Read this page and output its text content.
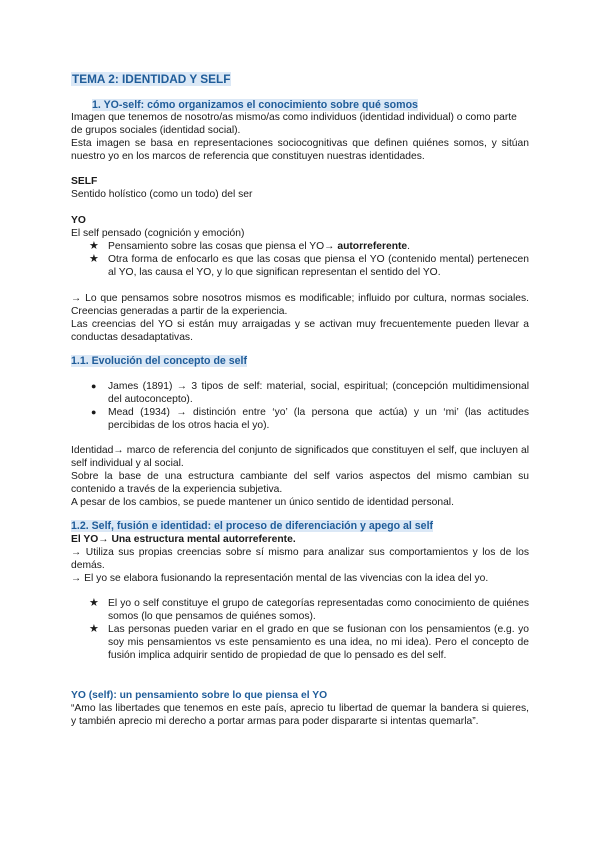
TEMA 2: IDENTIDAD Y SELF
1. YO-self: cómo organizamos el conocimiento sobre qué somos
Imagen que tenemos de nosotro/as mismo/as como individuos (identidad individual) o como parte de grupos sociales (identidad social).
Esta imagen se basa en representaciones sociocognitivas que definen quiénes somos, y sitúan nuestro yo en los marcos de referencia que constituyen nuestras identidades.
SELF
Sentido holístico (como un todo) del ser
YO
El self pensado (cognición y emoción)
★ Pensamiento sobre las cosas que piensa el YO→ autorreferente.
★ Otra forma de enfocarlo es que las cosas que piensa el YO (contenido mental) pertenecen al YO, las causa el YO, y lo que significan representan el sentido del YO.
→ Lo que pensamos sobre nosotros mismos es modificable; influido por cultura, normas sociales. Creencias generadas a partir de la experiencia.
Las creencias del YO si están muy arraigadas y se activan muy frecuentemente pueden llevar a conductas desadaptativas.
1.1. Evolución del concepto de self
● James (1891) → 3 tipos de self: material, social, espiritual; (concepción multidimensional del autoconcepto).
● Mead (1934) → distinción entre ‘yo’ (la persona que actúa) y un ‘mi’ (las actitudes percibidas de los otros hacia el yo).
Identidad→ marco de referencia del conjunto de significados que constituyen el self, que incluyen al self individual y al social.
Sobre la base de una estructura cambiante del self varios aspectos del mismo cambian su contenido a través de la experiencia subjetiva.
A pesar de los cambios, se puede mantener un único sentido de identidad personal.
1.2. Self, fusión e identidad: el proceso de diferenciación y apego al self
El YO→ Una estructura mental autorreferente.
→ Utiliza sus propias creencias sobre sí mismo para analizar sus comportamientos y los de los demás.
→ El yo se elabora fusionando la representación mental de las vivencias con la idea del yo.
★ El yo o self constituye el grupo de categorías representadas como conocimiento de quiénes somos (lo que pensamos de quiénes somos).
★ Las personas pueden variar en el grado en que se fusionan con los pensamientos (e.g. yo soy mis pensamientos vs este pensamiento es una idea, no mi idea). Pero el concepto de fusión implica adquirir sentido de propiedad de que lo pensado es del self.
YO (self): un pensamiento sobre lo que piensa el YO
“Amo las libertades que tenemos en este país, aprecio tu libertad de quemar la bandera si quieres, y también aprecio mi derecho a portar armas para poder dispararte si intentas quemarla”.
